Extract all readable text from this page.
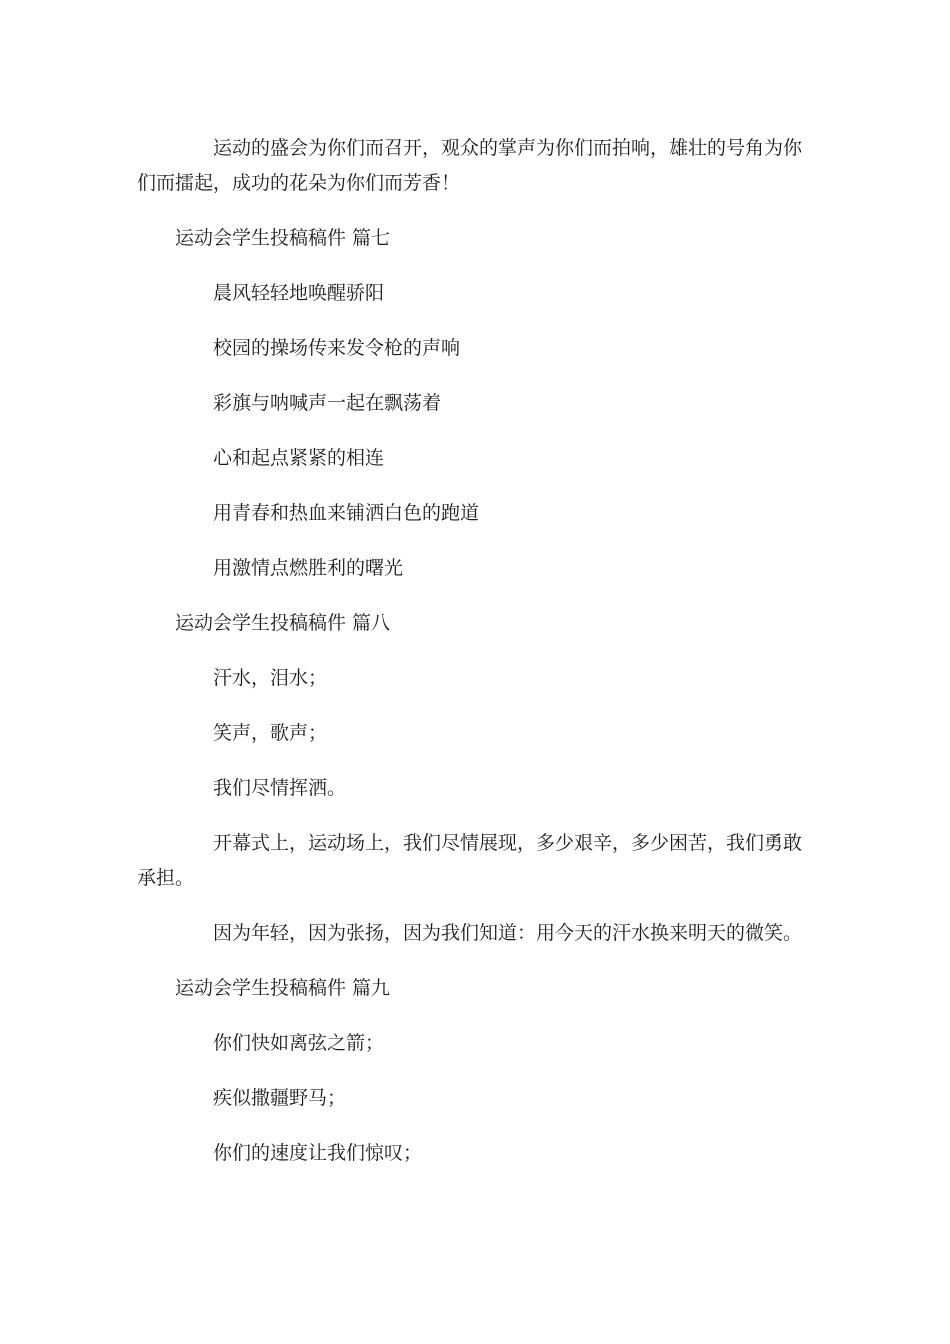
运动的盛会为你们而召开，观众的掌声为你们而拍响，雄壮的号角为你

们而擂起，成功的花朵为你们而芳香！

运动会学生投稿稿件 篇七

晨风轻轻地唤醒骄阳

校园的操场传来发令枪的声响

彩旗与呐喊声一起在飘荡着

心和起点紧紧的相连

用青春和热血来铺洒白色的跑道

用激情点燃胜利的曙光

运动会学生投稿稿件 篇八

汗水，泪水；

笑声，歌声；

我们尽情挥洒。

开幕式上，运动场上，我们尽情展现，多少艰辛，多少困苦，我们勇敢

承担。

因为年轻，因为张扬，因为我们知道：用今天的汗水换来明天的微笑。

运动会学生投稿稿件 篇九

你们快如离弦之箭；

疾似撒疆野马；

你们的速度让我们惊叹；
